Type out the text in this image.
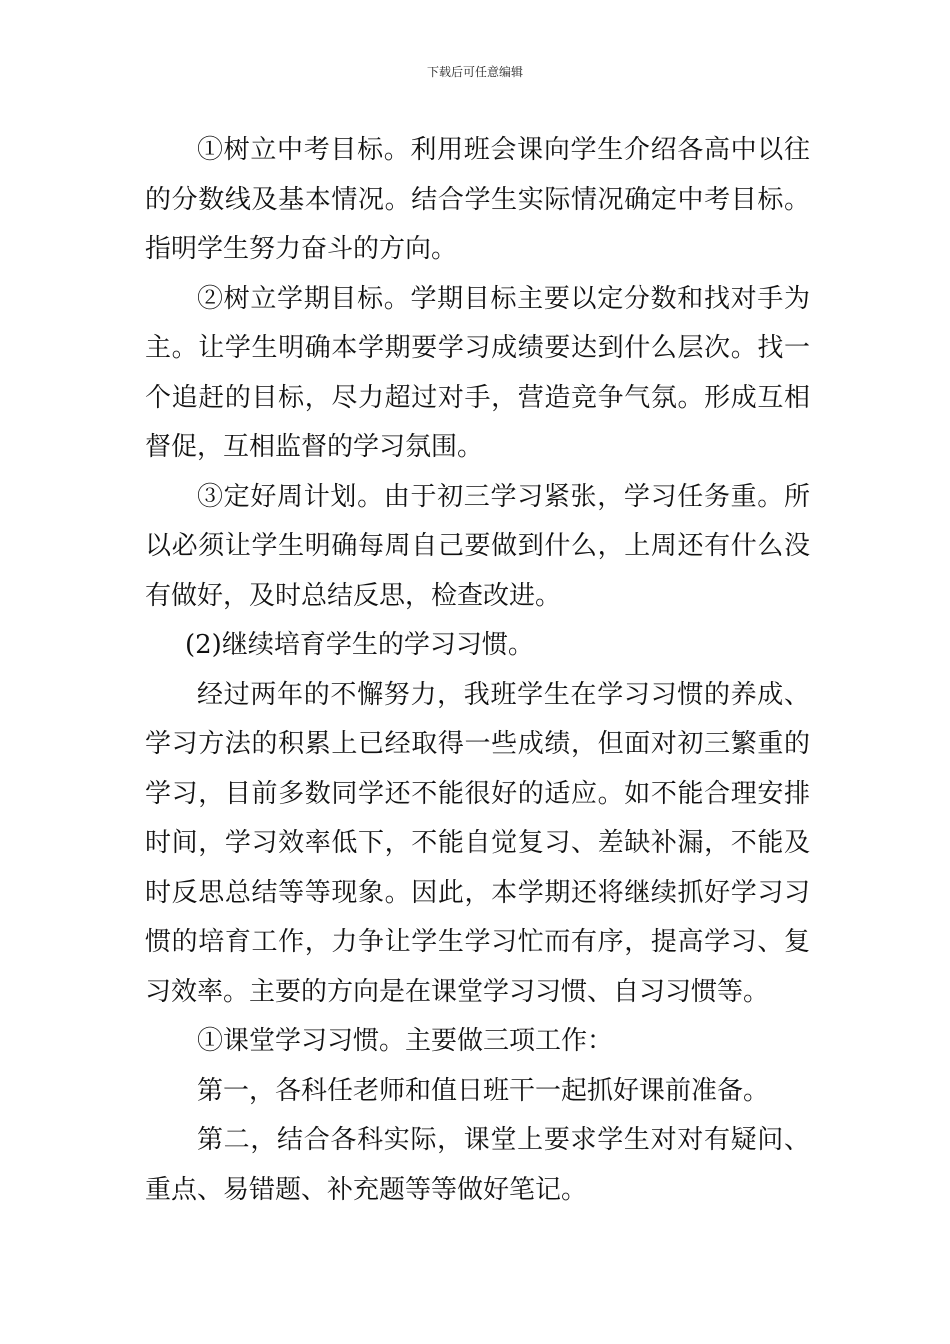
下载后可任意编辑

①树立中考目标。利用班会课向学生介绍各高中以往的分数线及基本情况。结合学生实际情况确定中考目标。指明学生努力奋斗的方向。

②树立学期目标。学期目标主要以定分数和找对手为主。让学生明确本学期要学习成绩要达到什么层次。找一个追赶的目标，尽力超过对手，营造竞争气氛。形成互相督促，互相监督的学习氛围。

③定好周计划。由于初三学习紧张，学习任务重。所以必须让学生明确每周自己要做到什么，上周还有什么没有做好，及时总结反思，检查改进。

(2)继续培育学生的学习习惯。

经过两年的不懈努力，我班学生在学习习惯的养成、学习方法的积累上已经取得一些成绩，但面对初三繁重的学习，目前多数同学还不能很好的适应。如不能合理安排时间，学习效率低下，不能自觉复习、差缺补漏，不能及时反思总结等等现象。因此，本学期还将继续抓好学习习惯的培育工作，力争让学生学习忙而有序，提高学习、复习效率。主要的方向是在课堂学习习惯、自习习惯等。

①课堂学习习惯。主要做三项工作：

第一，各科任老师和值日班干一起抓好课前准备。

第二，结合各科实际，课堂上要求学生对对有疑问、重点、易错题、补充题等等做好笔记。
